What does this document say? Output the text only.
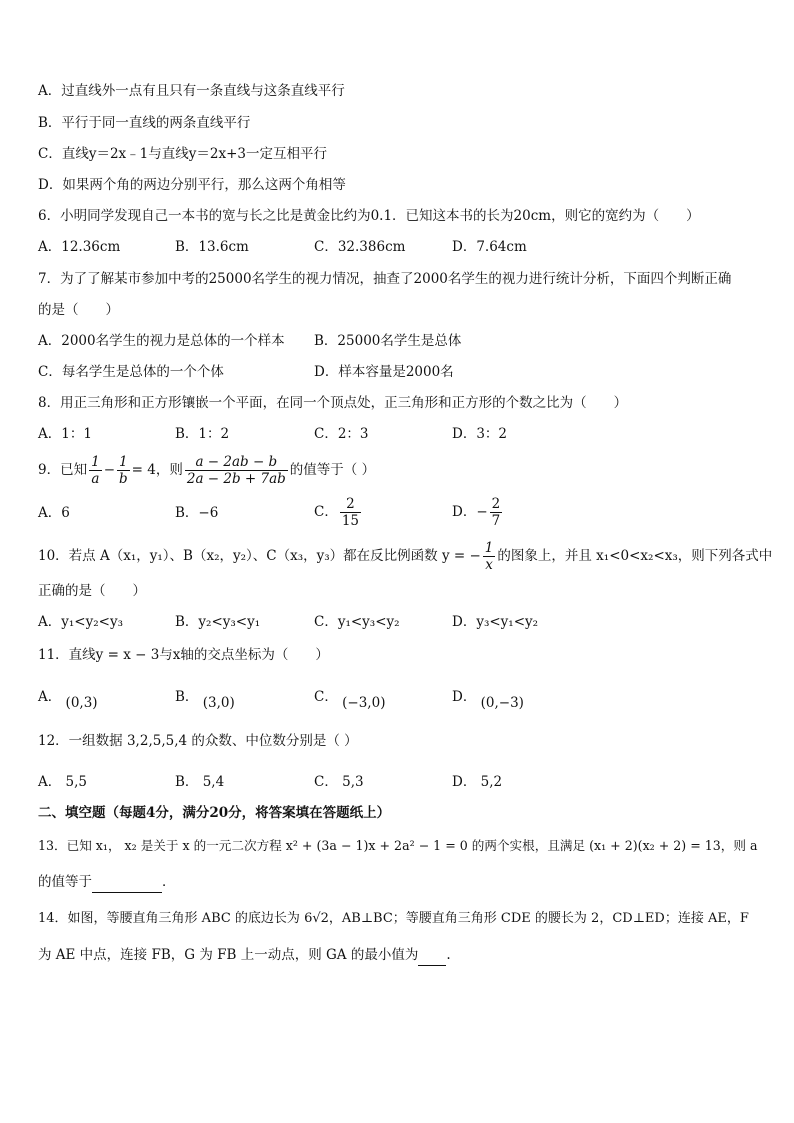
A．过直线外一点有且只有一条直线与这条直线平行
B．平行于同一直线的两条直线平行
C．直线y＝2x﹣1与直线y＝2x+3一定互相平行
D．如果两个角的两边分别平行，那么这两个角相等
6．小明同学发现自己一本书的宽与长之比是黄金比约为0.1．已知这本书的长为20cm，则它的宽约为（　　）
A．12.36cm	B．13.6cm	C．32.386cm	D．7.64cm
7．为了了解某市参加中考的25000名学生的视力情况，抽查了2000名学生的视力进行统计分析，下面四个判断正确
的是（　　）
A．2000名学生的视力是总体的一个样本 B．25000名学生是总体
C．每名学生是总体的一个个体	D．样本容量是2000名
8．用正三角形和正方形镶嵌一个平面，在同一个顶点处，正三角形和正方形的个数之比为（　　）
A．1：1	B．1：2	C．2：3	D．3：2
9．已知 $\frac{1}{a} - \frac{1}{b} = 4$，则 $\frac{a - 2ab - b}{2a - 2b + 7ab}$ 的值等于（ ）
A．6	B．−6	C． $\frac{2}{15}$	D．− $\frac{2}{7}$
10．若点 A（x₁，y₁）、B（x₂，y₂）、C（x₃，y₃）都在反比例函数 y = − $\frac{1}{x}$ 的图象上，并且 x₁<0<x₂<x₃，则下列各式中
正确的是（　　）
A．y₁<y₂<y₃	B．y₂<y₃<y₁	C．y₁<y₃<y₂	D．y₃<y₁<y₂
11．直线y = x − 3与x轴的交点坐标为（　　）
A． (0,3)	B． (3,0)	C． (−3,0)	D． (0,−3)
12．一组数据 3,2,5,5,4 的众数、中位数分别是（ ）
A． 5,5	B． 5,4	C． 5,3	D． 5,2
二、填空题（每题4分，满分20分，将答案填在答题纸上）
13．已知 x₁， x₂ 是关于 x 的一元二次方程 x² + (3a − 1)x + 2a² − 1 = 0 的两个实根，且满足 (x₁ + 2)(x₂ + 2) = 13，则 a
的值等于	．
14．如图，等腰直角三角形 ABC 的底边长为 6√2，AB⊥BC；等腰直角三角形 CDE 的腰长为 2，CD⊥ED；连接 AE，F
为 AE 中点，连接 FB，G 为 FB 上一动点，则 GA 的最小值为 .
